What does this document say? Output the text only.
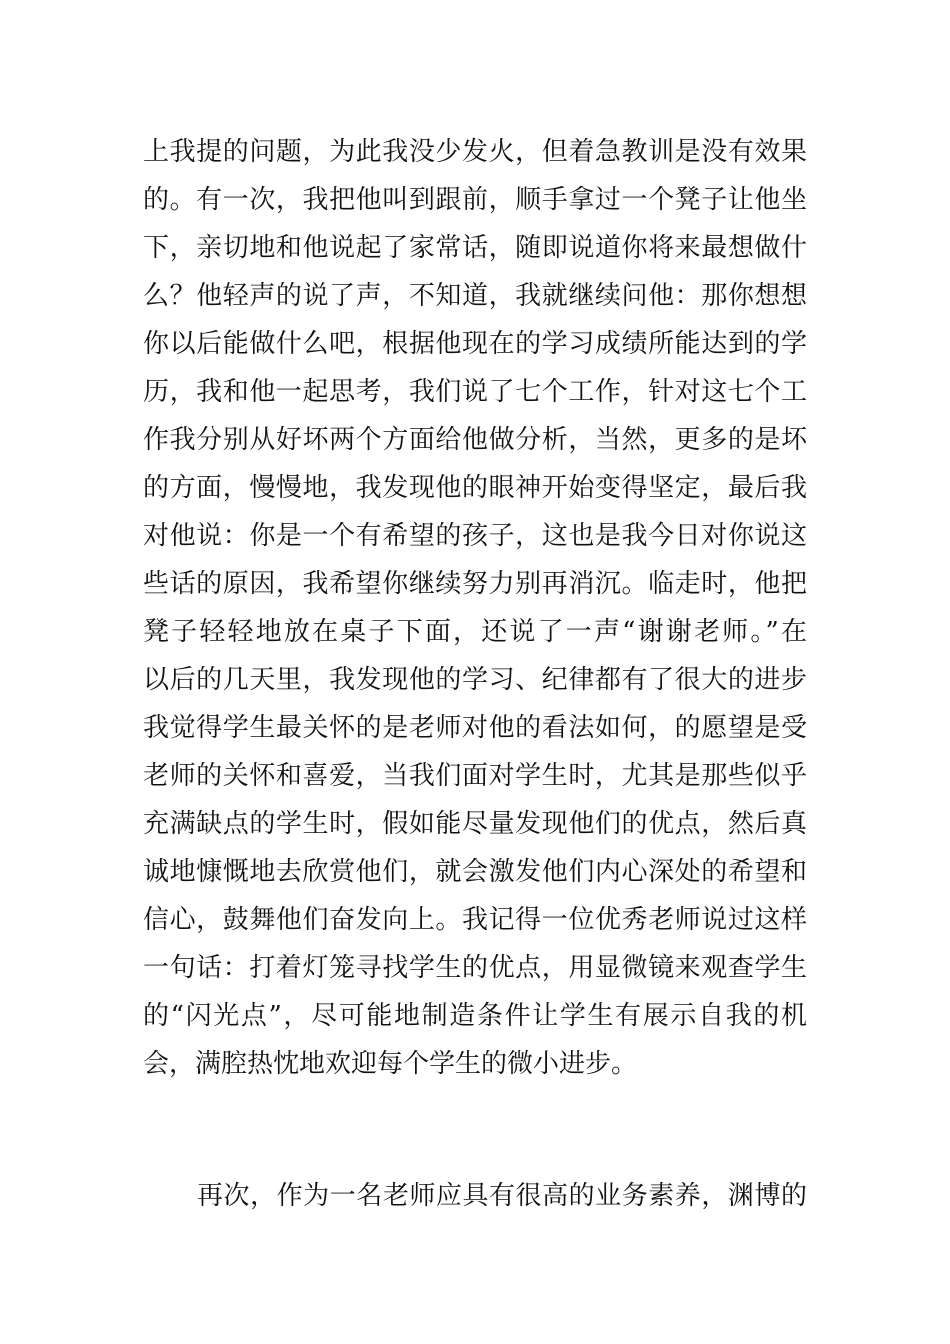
上我提的问题，为此我没少发火，但着急教训是没有效果
的。有一次，我把他叫到跟前，顺手拿过一个凳子让他坐
下，亲切地和他说起了家常话，随即说道你将来最想做什
么？他轻声的说了声，不知道，我就继续问他：那你想想
你以后能做什么吧，根据他现在的学习成绩所能达到的学
历，我和他一起思考，我们说了七个工作，针对这七个工
作我分别从好坏两个方面给他做分析，当然，更多的是坏
的方面，慢慢地，我发现他的眼神开始变得坚定，最后我
对他说：你是一个有希望的孩子，这也是我今日对你说这
些话的原因，我希望你继续努力别再消沉。临走时，他把
凳子轻轻地放在桌子下面，还说了一声“谢谢老师。”在
以后的几天里，我发现他的学习、纪律都有了很大的进步
我觉得学生最关怀的是老师对他的看法如何，的愿望是受
老师的关怀和喜爱，当我们面对学生时，尤其是那些似乎
充满缺点的学生时，假如能尽量发现他们的优点，然后真
诚地慷慨地去欣赏他们，就会激发他们内心深处的希望和
信心，鼓舞他们奋发向上。我记得一位优秀老师说过这样
一句话：打着灯笼寻找学生的优点，用显微镜来观查学生
的“闪光点”，尽可能地制造条件让学生有展示自我的机
会，满腔热忱地欢迎每个学生的微小进步。
再次，作为一名老师应具有很高的业务素养，渊博的
